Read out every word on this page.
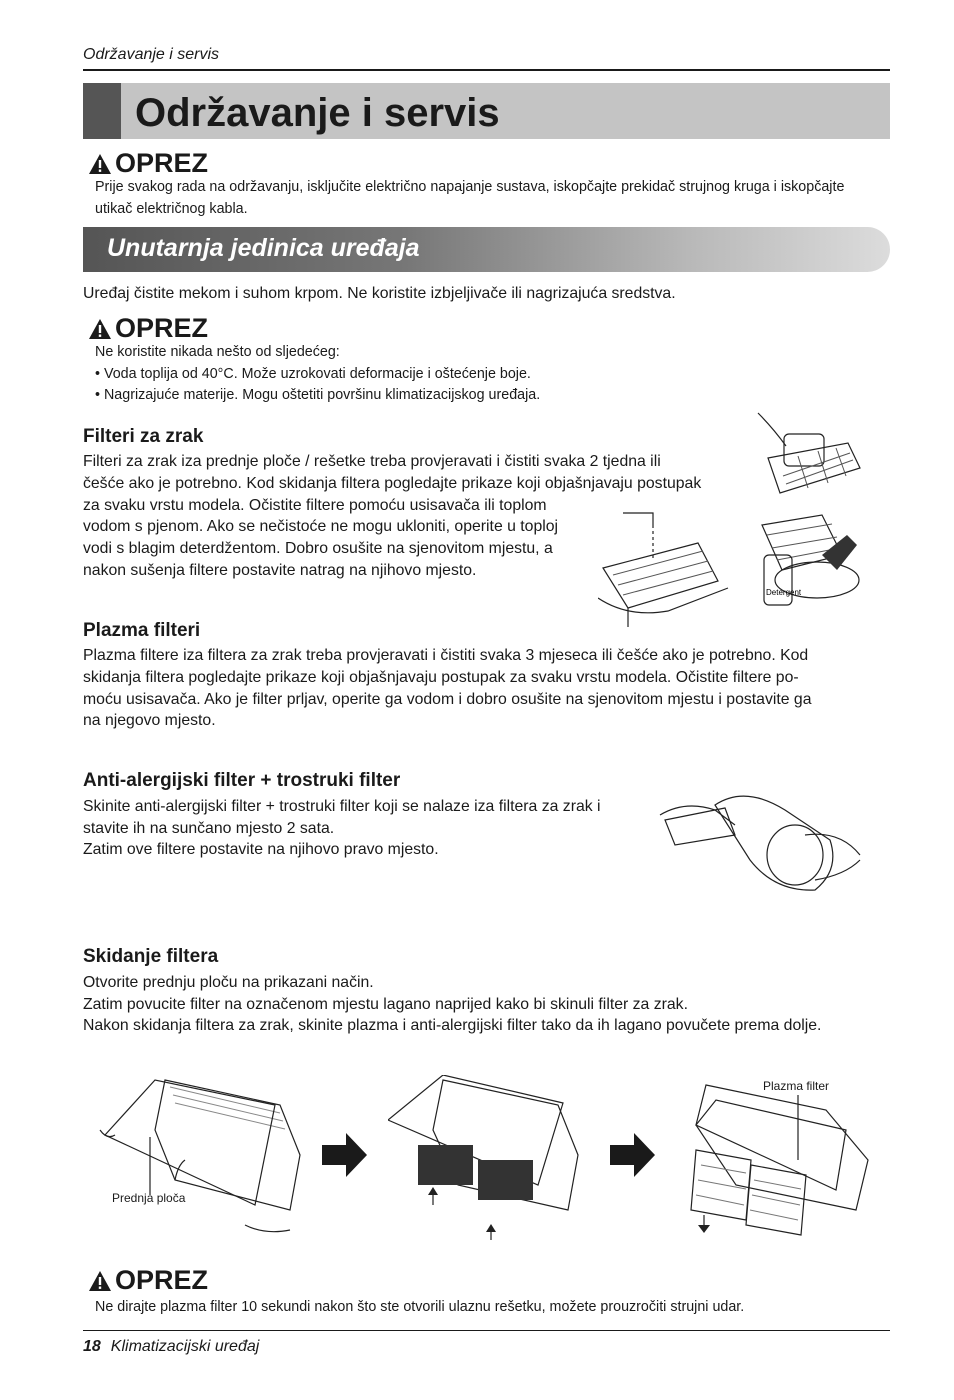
Održavanje i servis
Održavanje i servis
OPREZ
Prije svakog rada na održavanju, isključite električno napajanje sustava, iskopčajte prekidač strujnog kruga i iskopčajte utikač električnog kabla.
Unutarnja jedinica uređaja
Uređaj čistite mekom i suhom krpom. Ne koristite izbjeljivače ili nagrizajuća sredstva.
OPREZ
Ne koristite nikada nešto od sljedećeg:
• Voda toplija od 40°C. Može uzrokovati deformacije i oštećenje boje.
• Nagrizajuće materije. Mogu oštetiti površinu klimatizacijskog uređaja.
Filteri za zrak
Filteri za zrak iza prednje ploče / rešetke treba provjeravati i čistiti svaka 2 tjedna ili
češće ako je potrebno. Kod skidanja filtera pogledajte prikaze koji objašnjavaju postupak
za svaku vrstu modela. Očistite filtere pomoću usisavača ili toplom
vodom s pjenom. Ako se nečistoće ne mogu ukloniti, operite u toploj
vodi s blagim deterdžentom. Dobro osušite na sjenovitom mjestu, a
nakon sušenja filtere postavite natrag na njihovo mjesto.
Detergent
Plazma filteri
Plazma filtere iza filtera za zrak treba provjeravati i čistiti svaka 3 mjeseca ili češće ako je potrebno. Kod
skidanja filtera pogledajte prikaze koji objašnjavaju postupak za svaku vrstu modela. Očistite filtere po-
moću usisavača. Ako je filter prljav, operite ga vodom i dobro osušite na sjenovitom mjestu i postavite ga
na njegovo mjesto.
Anti-alergijski filter + trostruki filter
Skinite anti-alergijski filter + trostruki filter koji se nalaze iza filtera za zrak i
stavite ih na sunčano mjesto 2 sata.
Zatim ove filtere postavite na njihovo pravo mjesto.
Skidanje filtera
Otvorite prednju ploču na prikazani način.
Zatim povucite filter na označenom mjestu lagano naprijed kako bi skinuli filter za zrak.
Nakon skidanja filtera za zrak, skinite plazma i anti-alergijski filter tako da ih lagano povučete prema dolje.
Prednja ploča
Plazma filter
OPREZ
Ne dirajte plazma filter 10 sekundi nakon što ste otvorili ulaznu rešetku, možete prouzročiti strujni udar.
18 Klimatizacijski uređaj
